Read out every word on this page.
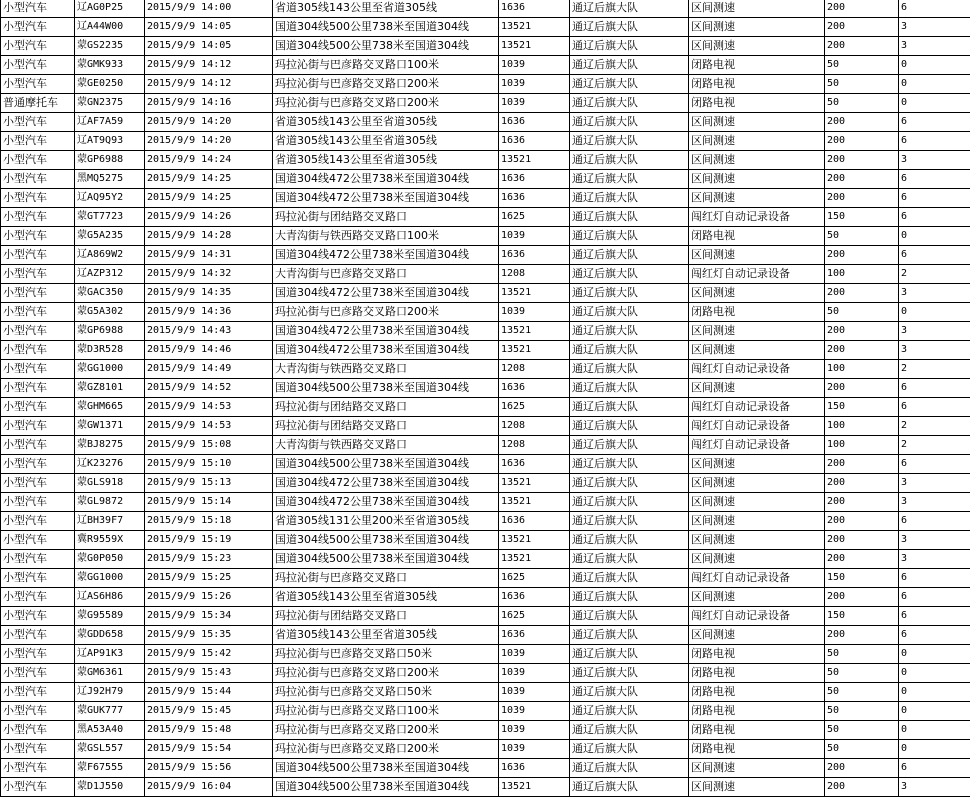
小型汽车	辽AG0P25	2015/9/9 14:00	省道305线143公里至省道305线	1636	通辽后旗大队	区间测速	200	6
小型汽车	辽A44W00	2015/9/9 14:05	国道304线500公里738米至国道304线	13521	通辽后旗大队	区间测速	200	3
小型汽车	蒙GS2235	2015/9/9 14:05	国道304线500公里738米至国道304线	13521	通辽后旗大队	区间测速	200	3
小型汽车	蒙GMK933	2015/9/9 14:12	玛拉沁街与巴彦路交叉路口100米	1039	通辽后旗大队	闭路电视	50	0
小型汽车	蒙GE0250	2015/9/9 14:12	玛拉沁街与巴彦路交叉路口200米	1039	通辽后旗大队	闭路电视	50	0
普通摩托车	蒙GN2375	2015/9/9 14:16	玛拉沁街与巴彦路交叉路口200米	1039	通辽后旗大队	闭路电视	50	0
小型汽车	辽AF7A59	2015/9/9 14:20	省道305线143公里至省道305线	1636	通辽后旗大队	区间测速	200	6
小型汽车	辽AT9Q93	2015/9/9 14:20	省道305线143公里至省道305线	1636	通辽后旗大队	区间测速	200	6
小型汽车	蒙GP6988	2015/9/9 14:24	省道305线143公里至省道305线	13521	通辽后旗大队	区间测速	200	3
小型汽车	黑MQ5275	2015/9/9 14:25	国道304线472公里738米至国道304线	1636	通辽后旗大队	区间测速	200	6
小型汽车	辽AQ95Y2	2015/9/9 14:25	国道304线472公里738米至国道304线	1636	通辽后旗大队	区间测速	200	6
小型汽车	蒙GT7723	2015/9/9 14:26	玛拉沁街与团结路交叉路口	1625	通辽后旗大队	闯红灯自动记录设备	150	6
小型汽车	蒙G5A235	2015/9/9 14:28	大青沟街与铁西路交叉路口100米	1039	通辽后旗大队	闭路电视	50	0
小型汽车	辽A869W2	2015/9/9 14:31	国道304线472公里738米至国道304线	1636	通辽后旗大队	区间测速	200	6
小型汽车	辽AZP312	2015/9/9 14:32	大青沟街与巴彦路交叉路口	1208	通辽后旗大队	闯红灯自动记录设备	100	2
小型汽车	蒙GAC350	2015/9/9 14:35	国道304线472公里738米至国道304线	13521	通辽后旗大队	区间测速	200	3
小型汽车	蒙G5A302	2015/9/9 14:36	玛拉沁街与巴彦路交叉路口200米	1039	通辽后旗大队	闭路电视	50	0
小型汽车	蒙GP6988	2015/9/9 14:43	国道304线472公里738米至国道304线	13521	通辽后旗大队	区间测速	200	3
小型汽车	蒙D3R528	2015/9/9 14:46	国道304线472公里738米至国道304线	13521	通辽后旗大队	区间测速	200	3
小型汽车	蒙GG1000	2015/9/9 14:49	大青沟街与铁西路交叉路口	1208	通辽后旗大队	闯红灯自动记录设备	100	2
小型汽车	蒙GZ8101	2015/9/9 14:52	国道304线500公里738米至国道304线	1636	通辽后旗大队	区间测速	200	6
小型汽车	蒙GHM665	2015/9/9 14:53	玛拉沁街与团结路交叉路口	1625	通辽后旗大队	闯红灯自动记录设备	150	6
小型汽车	蒙GW1371	2015/9/9 14:53	玛拉沁街与团结路交叉路口	1208	通辽后旗大队	闯红灯自动记录设备	100	2
小型汽车	蒙BJ8275	2015/9/9 15:08	大青沟街与铁西路交叉路口	1208	通辽后旗大队	闯红灯自动记录设备	100	2
小型汽车	辽K23276	2015/9/9 15:10	国道304线500公里738米至国道304线	1636	通辽后旗大队	区间测速	200	6
小型汽车	蒙GLS918	2015/9/9 15:13	国道304线472公里738米至国道304线	13521	通辽后旗大队	区间测速	200	3
小型汽车	蒙GL9872	2015/9/9 15:14	国道304线472公里738米至国道304线	13521	通辽后旗大队	区间测速	200	3
小型汽车	辽BH39F7	2015/9/9 15:18	省道305线131公里200米至省道305线	1636	通辽后旗大队	区间测速	200	6
小型汽车	冀R9559X	2015/9/9 15:19	国道304线500公里738米至国道304线	13521	通辽后旗大队	区间测速	200	3
小型汽车	蒙G0P050	2015/9/9 15:23	国道304线500公里738米至国道304线	13521	通辽后旗大队	区间测速	200	3
小型汽车	蒙GG1000	2015/9/9 15:25	玛拉沁街与巴彦路交叉路口	1625	通辽后旗大队	闯红灯自动记录设备	150	6
小型汽车	辽AS6H86	2015/9/9 15:26	省道305线143公里至省道305线	1636	通辽后旗大队	区间测速	200	6
小型汽车	蒙G95589	2015/9/9 15:34	玛拉沁街与团结路交叉路口	1625	通辽后旗大队	闯红灯自动记录设备	150	6
小型汽车	蒙GDD658	2015/9/9 15:35	省道305线143公里至省道305线	1636	通辽后旗大队	区间测速	200	6
小型汽车	辽AP91K3	2015/9/9 15:42	玛拉沁街与巴彦路交叉路口50米	1039	通辽后旗大队	闭路电视	50	0
小型汽车	蒙GM6361	2015/9/9 15:43	玛拉沁街与巴彦路交叉路口200米	1039	通辽后旗大队	闭路电视	50	0
小型汽车	辽J92H79	2015/9/9 15:44	玛拉沁街与巴彦路交叉路口50米	1039	通辽后旗大队	闭路电视	50	0
小型汽车	蒙GUK777	2015/9/9 15:45	玛拉沁街与巴彦路交叉路口100米	1039	通辽后旗大队	闭路电视	50	0
小型汽车	黑A53A40	2015/9/9 15:48	玛拉沁街与巴彦路交叉路口200米	1039	通辽后旗大队	闭路电视	50	0
小型汽车	蒙GSL557	2015/9/9 15:54	玛拉沁街与巴彦路交叉路口200米	1039	通辽后旗大队	闭路电视	50	0
小型汽车	蒙F67555	2015/9/9 15:56	国道304线500公里738米至国道304线	1636	通辽后旗大队	区间测速	200	6
小型汽车	蒙D1J550	2015/9/9 16:04	国道304线500公里738米至国道304线	13521	通辽后旗大队	区间测速	200	3
